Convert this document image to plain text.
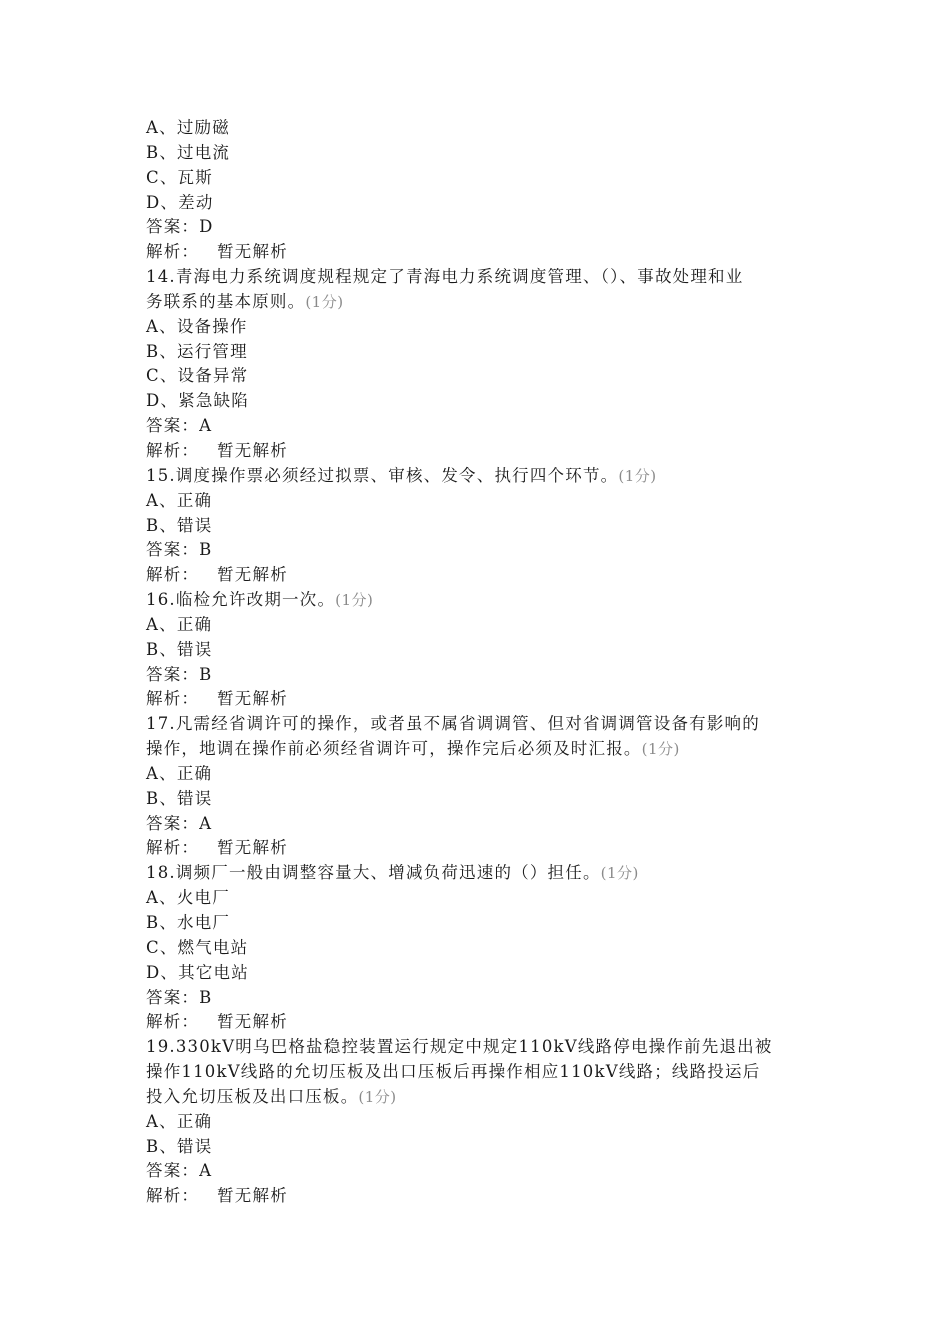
A、过励磁
B、过电流
C、瓦斯
D、差动
答案：D
解析： 暂无解析
14.青海电力系统调度规程规定了青海电力系统调度管理、（）、事故处理和业
务联系的基本原则。(1分)
A、设备操作
B、运行管理
C、设备异常
D、紧急缺陷
答案：A
解析： 暂无解析
15.调度操作票必须经过拟票、审核、发令、执行四个环节。(1分)
A、正确
B、错误
答案：B
解析： 暂无解析
16.临检允许改期一次。(1分)
A、正确
B、错误
答案：B
解析： 暂无解析
17.凡需经省调许可的操作，或者虽不属省调调管、但对省调调管设备有影响的
操作，地调在操作前必须经省调许可，操作完后必须及时汇报。(1分)
A、正确
B、错误
答案：A
解析： 暂无解析
18.调频厂一般由调整容量大、增减负荷迅速的（）担任。(1分)
A、火电厂
B、水电厂
C、燃气电站
D、其它电站
答案：B
解析： 暂无解析
19.330kV明乌巴格盐稳控装置运行规定中规定110kV线路停电操作前先退出被
操作110kV线路的允切压板及出口压板后再操作相应110kV线路；线路投运后
投入允切压板及出口压板。(1分)
A、正确
B、错误
答案：A
解析： 暂无解析
